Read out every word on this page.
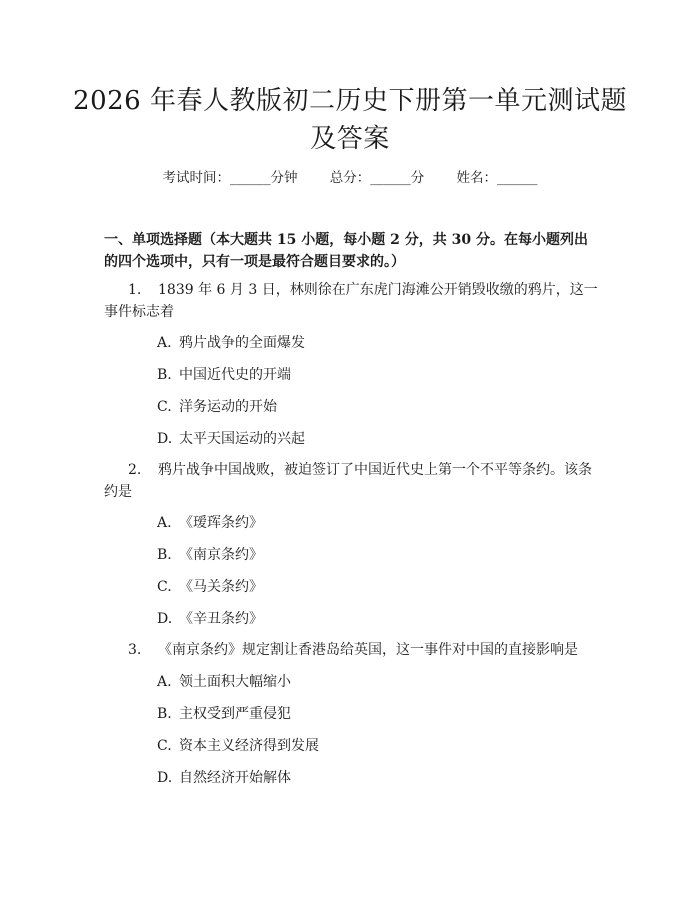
2026 年春人教版初二历史下册第一单元测试题及答案
考试时间：______分钟 总分：______分 姓名：______
一、单项选择题（本大题共 15 小题，每小题 2 分，共 30 分。在每小题列出的四个选项中，只有一项是最符合题目要求的。）
1. 1839 年 6 月 3 日，林则徐在广东虎门海滩公开销毁收缴的鸦片，这一事件标志着
A. 鸦片战争的全面爆发
B. 中国近代史的开端
C. 洋务运动的开始
D. 太平天国运动的兴起
2. 鸦片战争中国战败，被迫签订了中国近代史上第一个不平等条约。该条约是
A. 《瑷珲条约》
B. 《南京条约》
C. 《马关条约》
D. 《辛丑条约》
3. 《南京条约》规定割让香港岛给英国，这一事件对中国的直接影响是
A. 领土面积大幅缩小
B. 主权受到严重侵犯
C. 资本主义经济得到发展
D. 自然经济开始解体
